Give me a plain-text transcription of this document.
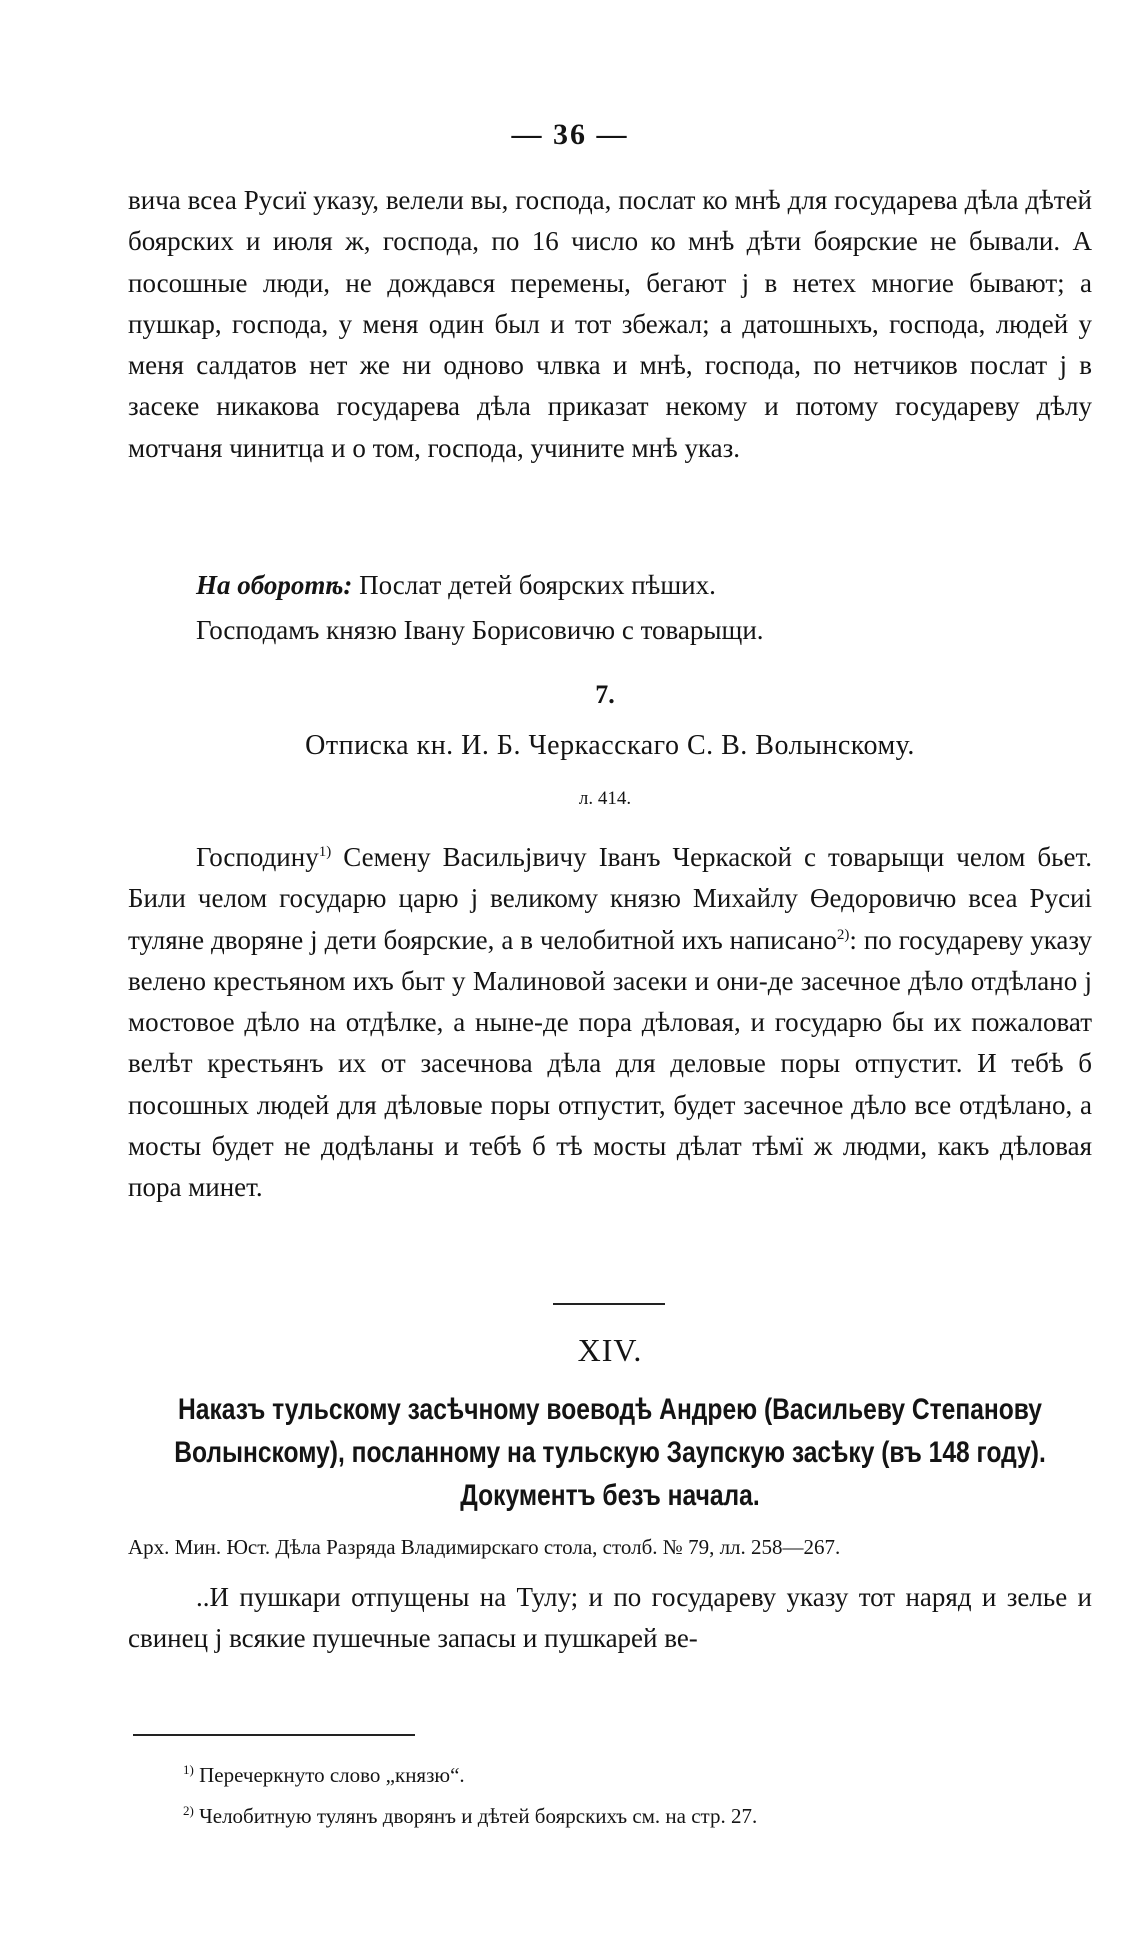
— 36 —

вича всеа Русиї указу, велели вы, господа, послат ко мнѣ для государева дѣла дѣтей боярских и июля ж, господа, по 16 число ко мнѣ дѣти боярские не бывали. А посошные люди, не дождався перемены, бегают ј в нетех многие бывают; а пушкар, господа, у меня один был и тот збежал; а датошныхъ, господа, людей у меня салдатов нет же ни одново члвка и мнѣ, господа, по нетчиков послат ј в засеке никакова государева дѣла приказат некому и потому государеву дѣлу мотчаня чинитца и о том, господа, учините мнѣ указ.

На оборотѣ: Послат детей боярских пѣших.
Господамъ князю Івану Борисовичю с товарыщи.
7.
Отписка кн. И. Б. Черкасскаго С. В. Волынскому.
л. 414.

Господину$^{1)}$ Семену Васильјвичу Іванъ Черкаской с товарыщи челом бьет. Били челом государю царю ј великому князю Михайлу Өедоровичю всеа Русиі туляне дворяне ј дети боярские, а в челобитной ихъ написано$^{2)}$: по государеву указу велено крестьяном ихъ быт у Малиновой засеки и они-де засечное дѣло отдѣлано ј мостовое дѣло на отдѣлке, а ныне-де пора дѣловая, и государю бы их пожаловат велѣт крестьянъ их от засечнова дѣла для деловые поры отпустит. И тебѣ б посошных людей для дѣловые поры отпустит, будет засечное дѣло все отдѣлано, а мосты будет не додѣланы и тебѣ б тѣ мосты дѣлат тѣмї ж людми, какъ дѣловая пора минет.

XIV.
Наказъ тульскому засѣчному воеводѣ Андрею (Васильеву Степанову Волынскому), посланному на тульскую Заупскую засѣку (въ 148 году). Документъ безъ начала.
Арх. Мин. Юст. Дѣла Разряда Владимирскаго стола, столб. № 79, лл. 258—267.

..И пушкари отпущены на Тулу; и по государеву указу тот наряд и зелье и свинец ј всякие пушечные запасы и пушкарей ве-

$^{1)}$ Перечеркнуто слово „князю“.

$^{2)}$ Челобитную тулянъ дворянъ и дѣтей боярскихъ см. на стр. 27.
